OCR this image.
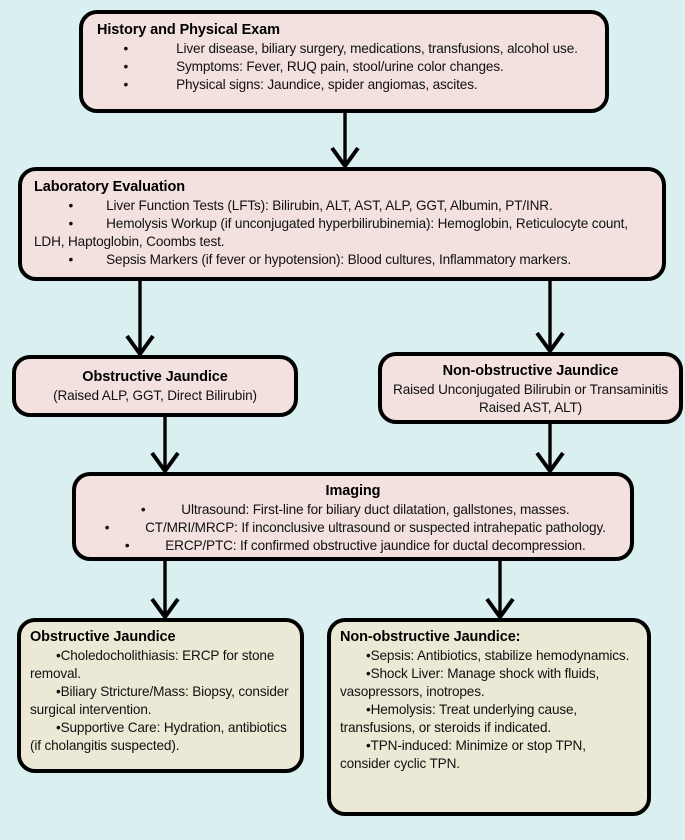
History and Physical Exam
•	Liver disease, biliary surgery, medications, transfusions, alcohol use.
•	Symptoms: Fever, RUQ pain, stool/urine color changes.
•	Physical signs: Jaundice, spider angiomas, ascites.
Laboratory Evaluation
• Liver Function Tests (LFTs): Bilirubin, ALT, AST, ALP, GGT, Albumin, PT/INR.
• Hemolysis Workup (if unconjugated hyperbilirubinemia): Hemoglobin, Reticulocyte count, LDH, Haptoglobin, Coombs test.
• Sepsis Markers (if fever or hypotension): Blood cultures, Inflammatory markers.
Obstructive Jaundice
(Raised ALP, GGT, Direct Bilirubin)
Non-obstructive Jaundice
Raised Unconjugated Bilirubin or Transaminitis
Raised AST, ALT)
Imaging
•	Ultrasound: First-line for biliary duct dilatation, gallstones, masses.
•	CT/MRI/MRCP: If inconclusive ultrasound or suspected intrahepatic pathology.
•	ERCP/PTC: If confirmed obstructive jaundice for ductal decompression.
Obstructive Jaundice
•Choledocholithiasis: ERCP for stone removal.
•Biliary Stricture/Mass: Biopsy, consider surgical intervention.
•Supportive Care: Hydration, antibiotics (if cholangitis suspected).
Non-obstructive Jaundice:
•Sepsis: Antibiotics, stabilize hemodynamics.
•Shock Liver: Manage shock with fluids, vasopressors, inotropes.
•Hemolysis: Treat underlying cause, transfusions, or steroids if indicated.
•TPN-induced: Minimize or stop TPN, consider cyclic TPN.
